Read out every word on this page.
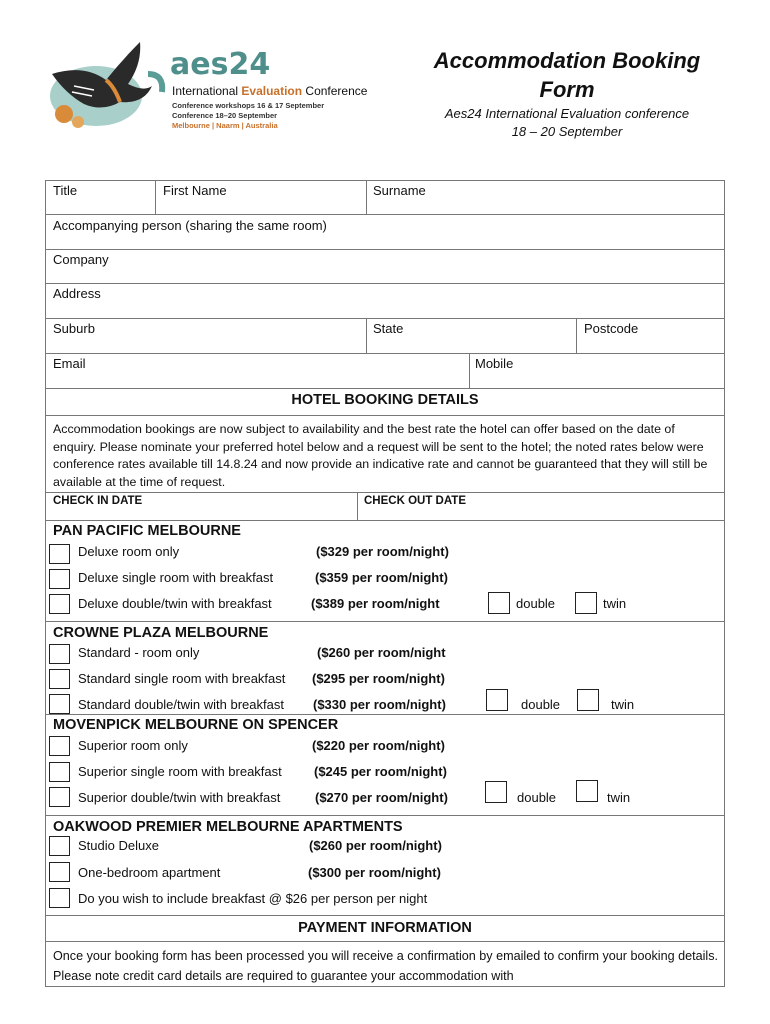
aes24
International Evaluation Conference
Conference workshops 16 & 17 September
Conference 18–20 September
Melbourne | Naarm | Australia
Accommodation Booking Form
Aes24 International Evaluation conference
18 – 20 September
Title	First Name	Surname
Accompanying person (sharing the same room)
Company
Address
Suburb	State	Postcode
Email	Mobile
HOTEL BOOKING DETAILS
Accommodation bookings are now subject to availability and the best rate the hotel can offer based on the date of enquiry. Please nominate your preferred hotel below and a request will be sent to the hotel; the noted rates below were conference rates available till 14.8.24 and now provide an indicative rate and cannot be guaranteed that they will still be available at the time of request.
CHECK IN DATE	CHECK OUT DATE
PAN PACIFIC MELBOURNE
Deluxe room only	($329 per room/night)
Deluxe single room with breakfast	($359 per room/night)
Deluxe double/twin with breakfast	($389 per room/night	double	twin
CROWNE PLAZA MELBOURNE
Standard - room only	($260 per room/night
Standard single room with breakfast ($295 per room/night)
Standard double/twin with breakfast ($330 per room/night)	double	twin
MOVENPICK MELBOURNE ON SPENCER
Superior room only	($220 per room/night)
Superior single room with breakfast ($245 per room/night)
Superior double/twin with breakfast	($270 per room/night)	double	twin
OAKWOOD PREMIER MELBOURNE APARTMENTS
Studio Deluxe	($260 per room/night)
One-bedroom apartment	($300 per room/night)
Do you wish to include breakfast @ $26 per person per night
PAYMENT INFORMATION
Once your booking form has been processed you will receive a confirmation by emailed to confirm your booking details. Please note credit card details are required to guarantee your accommodation with
